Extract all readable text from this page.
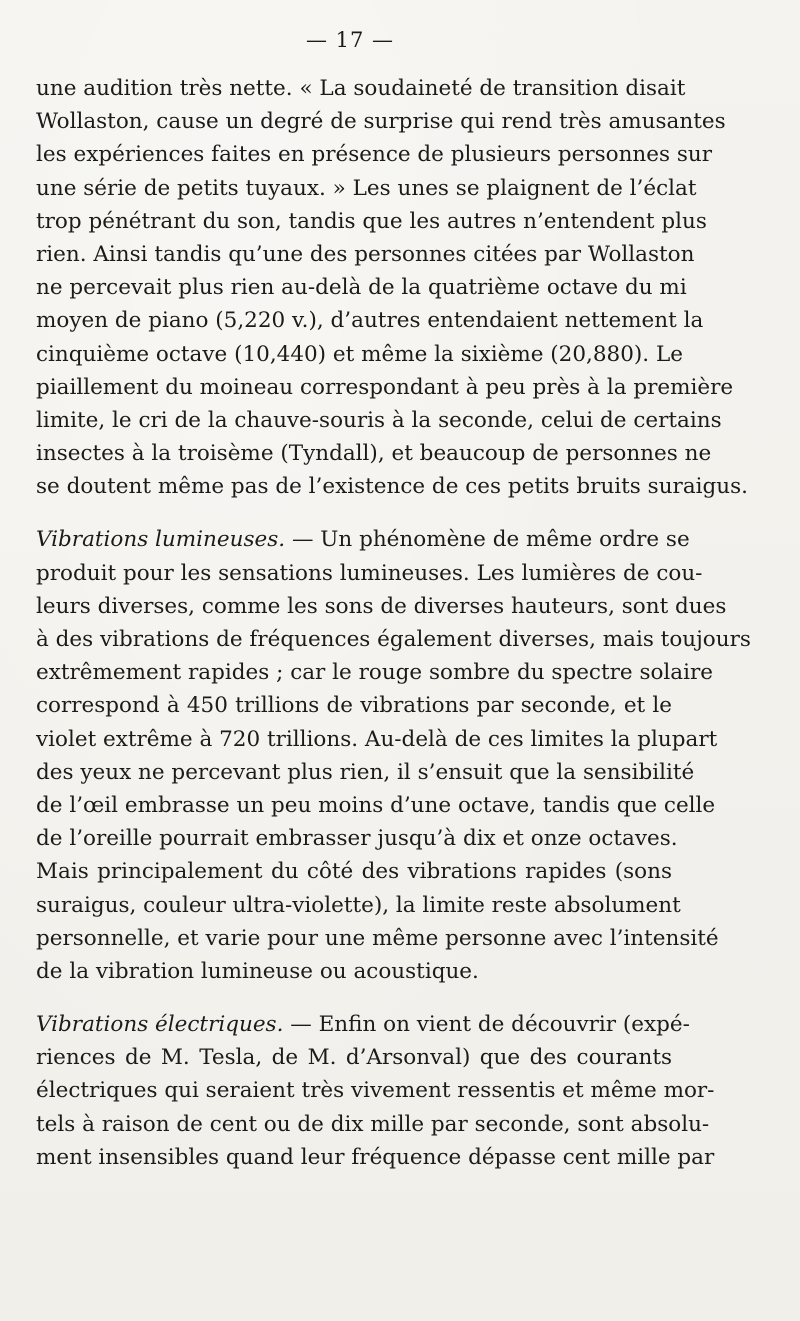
— 17 —
une audition très nette. « La soudaineté de transition disait
Wollaston, cause un degré de surprise qui rend très amusantes
les expériences faites en présence de plusieurs personnes sur
une série de petits tuyaux. » Les unes se plaignent de l’éclat
trop pénétrant du son, tandis que les autres n’entendent plus
rien. Ainsi tandis qu’une des personnes citées par Wollaston
ne percevait plus rien au-delà de la quatrième octave du mi
moyen de piano (5,220 v.), d’autres entendaient nettement la
cinquième octave (10,440) et même la sixième (20,880). Le
piaillement du moineau correspondant à peu près à la première
limite, le cri de la chauve-souris à la seconde, celui de certains
insectes à la troisème (Tyndall), et beaucoup de personnes ne
se doutent même pas de l’existence de ces petits bruits suraigus.
Vibrations lumineuses. — Un phénomène de même ordre se
produit pour les sensations lumineuses. Les lumières de cou-
leurs diverses, comme les sons de diverses hauteurs, sont dues
à des vibrations de fréquences également diverses, mais toujours
extrêmement rapides ; car le rouge sombre du spectre solaire
correspond à 450 trillions de vibrations par seconde, et le
violet extrême à 720 trillions. Au-delà de ces limites la plupart
des yeux ne percevant plus rien, il s’ensuit que la sensibilité
de l’œil embrasse un peu moins d’une octave, tandis que celle
de l’oreille pourrait embrasser jusqu’à dix et onze octaves.
Mais principalement du côté des vibrations rapides (sons
suraigus, couleur ultra-violette), la limite reste absolument
personnelle, et varie pour une même personne avec l’intensité
de la vibration lumineuse ou acoustique.
Vibrations électriques. — Enfin on vient de découvrir (expé-
riences de M. Tesla, de M. d’Arsonval) que des courants
électriques qui seraient très vivement ressentis et même mor-
tels à raison de cent ou de dix mille par seconde, sont absolu-
ment insensibles quand leur fréquence dépasse cent mille par
